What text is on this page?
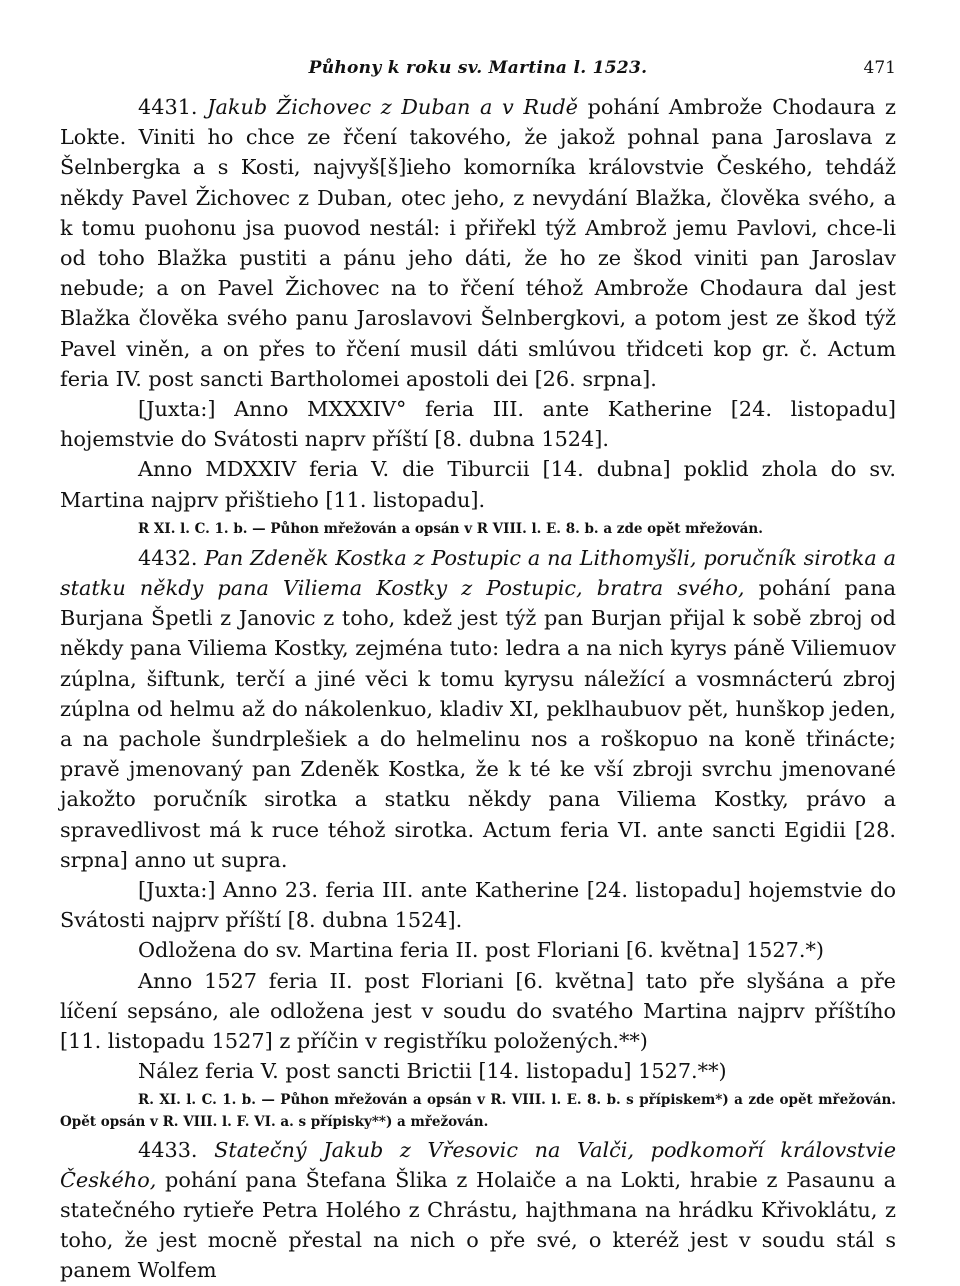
Půhony k roku sv. Martina l. 1523.	471

4431. Jakub Žichovec z Duban a v Rudě pohání Ambrože Chodaura z Lokte. Viniti ho chce ze řčení takového, že jakož pohnal pana Jaroslava z Šelnbergka a s Kosti, najvyš[š]ieho komorníka královstvie Českého, tehdáž někdy Pavel Žichovec z Duban, otec jeho, z nevydání Blažka, člověka svého, a k tomu puohonu jsa puovod nestál: i přiřekl týž Ambrož jemu Pavlovi, chce-li od toho Blažka pustiti a pánu jeho dáti, že ho ze škod viniti pan Jaroslav nebude; a on Pavel Žichovec na to řčení téhož Ambrože Chodaura dal jest Blažka člověka svého panu Jaroslavovi Šelnbergkovi, a potom jest ze škod týž Pavel viněn, a on přes to řčení musil dáti smlúvou třidceti kop gr. č. Actum feria IV. post sancti Bartholomei apostoli dei [26. srpna].

[Juxta:] Anno MXXXIV° feria III. ante Katherine [24. listopadu] hojemstvie do Svátosti naprv příští [8. dubna 1524].

Anno MDXXIV feria V. die Tiburcii [14. dubna] poklid zhola do sv. Martina najprv přištieho [11. listopadu].

R XI. l. C. 1. b. — Půhon mřežován a opsán v R VIII. l. E. 8. b. a zde opět mřežován.

4432. Pan Zdeněk Kostka z Postupic a na Lithomyšli, poručník sirotka a statku někdy pana Viliema Kostky z Postupic, bratra svého, pohání pana Burjana Špetli z Janovic z toho, kdež jest týž pan Burjan přijal k sobě zbroj od někdy pana Viliema Kostky, zejména tuto: ledra a na nich kyrys páně Viliemuov zúplna, šiftunk, terčí a jiné věci k tomu kyrysu náležící a vosmnácterú zbroj zúplna od helmu až do nákolenkuo, kladiv XI, peklhaubuov pět, hunškop jeden, a na pachole šundrplešiek a do helmelinu nos a roškopuo na koně třinácte; pravě jmenovaný pan Zdeněk Kostka, že k té ke vší zbroji svrchu jmenované jakožto poručník sirotka a statku někdy pana Viliema Kostky, právo a spravedlivost má k ruce téhož sirotka. Actum feria VI. ante sancti Egidii [28. srpna] anno ut supra.

[Juxta:] Anno 23. feria III. ante Katherine [24. listopadu] hojemstvie do Svátosti najprv příští [8. dubna 1524].

Odložena do sv. Martina feria II. post Floriani [6. května] 1527.*)

Anno 1527 feria II. post Floriani [6. května] tato pře slyšána a pře líčení sepsáno, ale odložena jest v soudu do svatého Martina najprv příštího [11. listopadu 1527] z příčin v registříku položených.**)

Nález feria V. post sancti Brictii [14. listopadu] 1527.**)

R. XI. l. C. 1. b. — Půhon mřežován a opsán v R. VIII. l. E. 8. b. s přípiskem*) a zde opět mřežován. Opět opsán v R. VIII. l. F. VI. a. s přípisky**) a mřežován.

4433. Statečný Jakub z Vřesovic na Valči, podkomoří královstvie Českého, pohání pana Štefana Šlika z Holaiče a na Lokti, hrabie z Pasaunu a statečného rytieře Petra Holého z Chrástu, hajthmana na hrádku Křivoklátu, z toho, že jest mocně přestal na nich o pře své, o kteréž jest v soudu stál s panem Wolfem
